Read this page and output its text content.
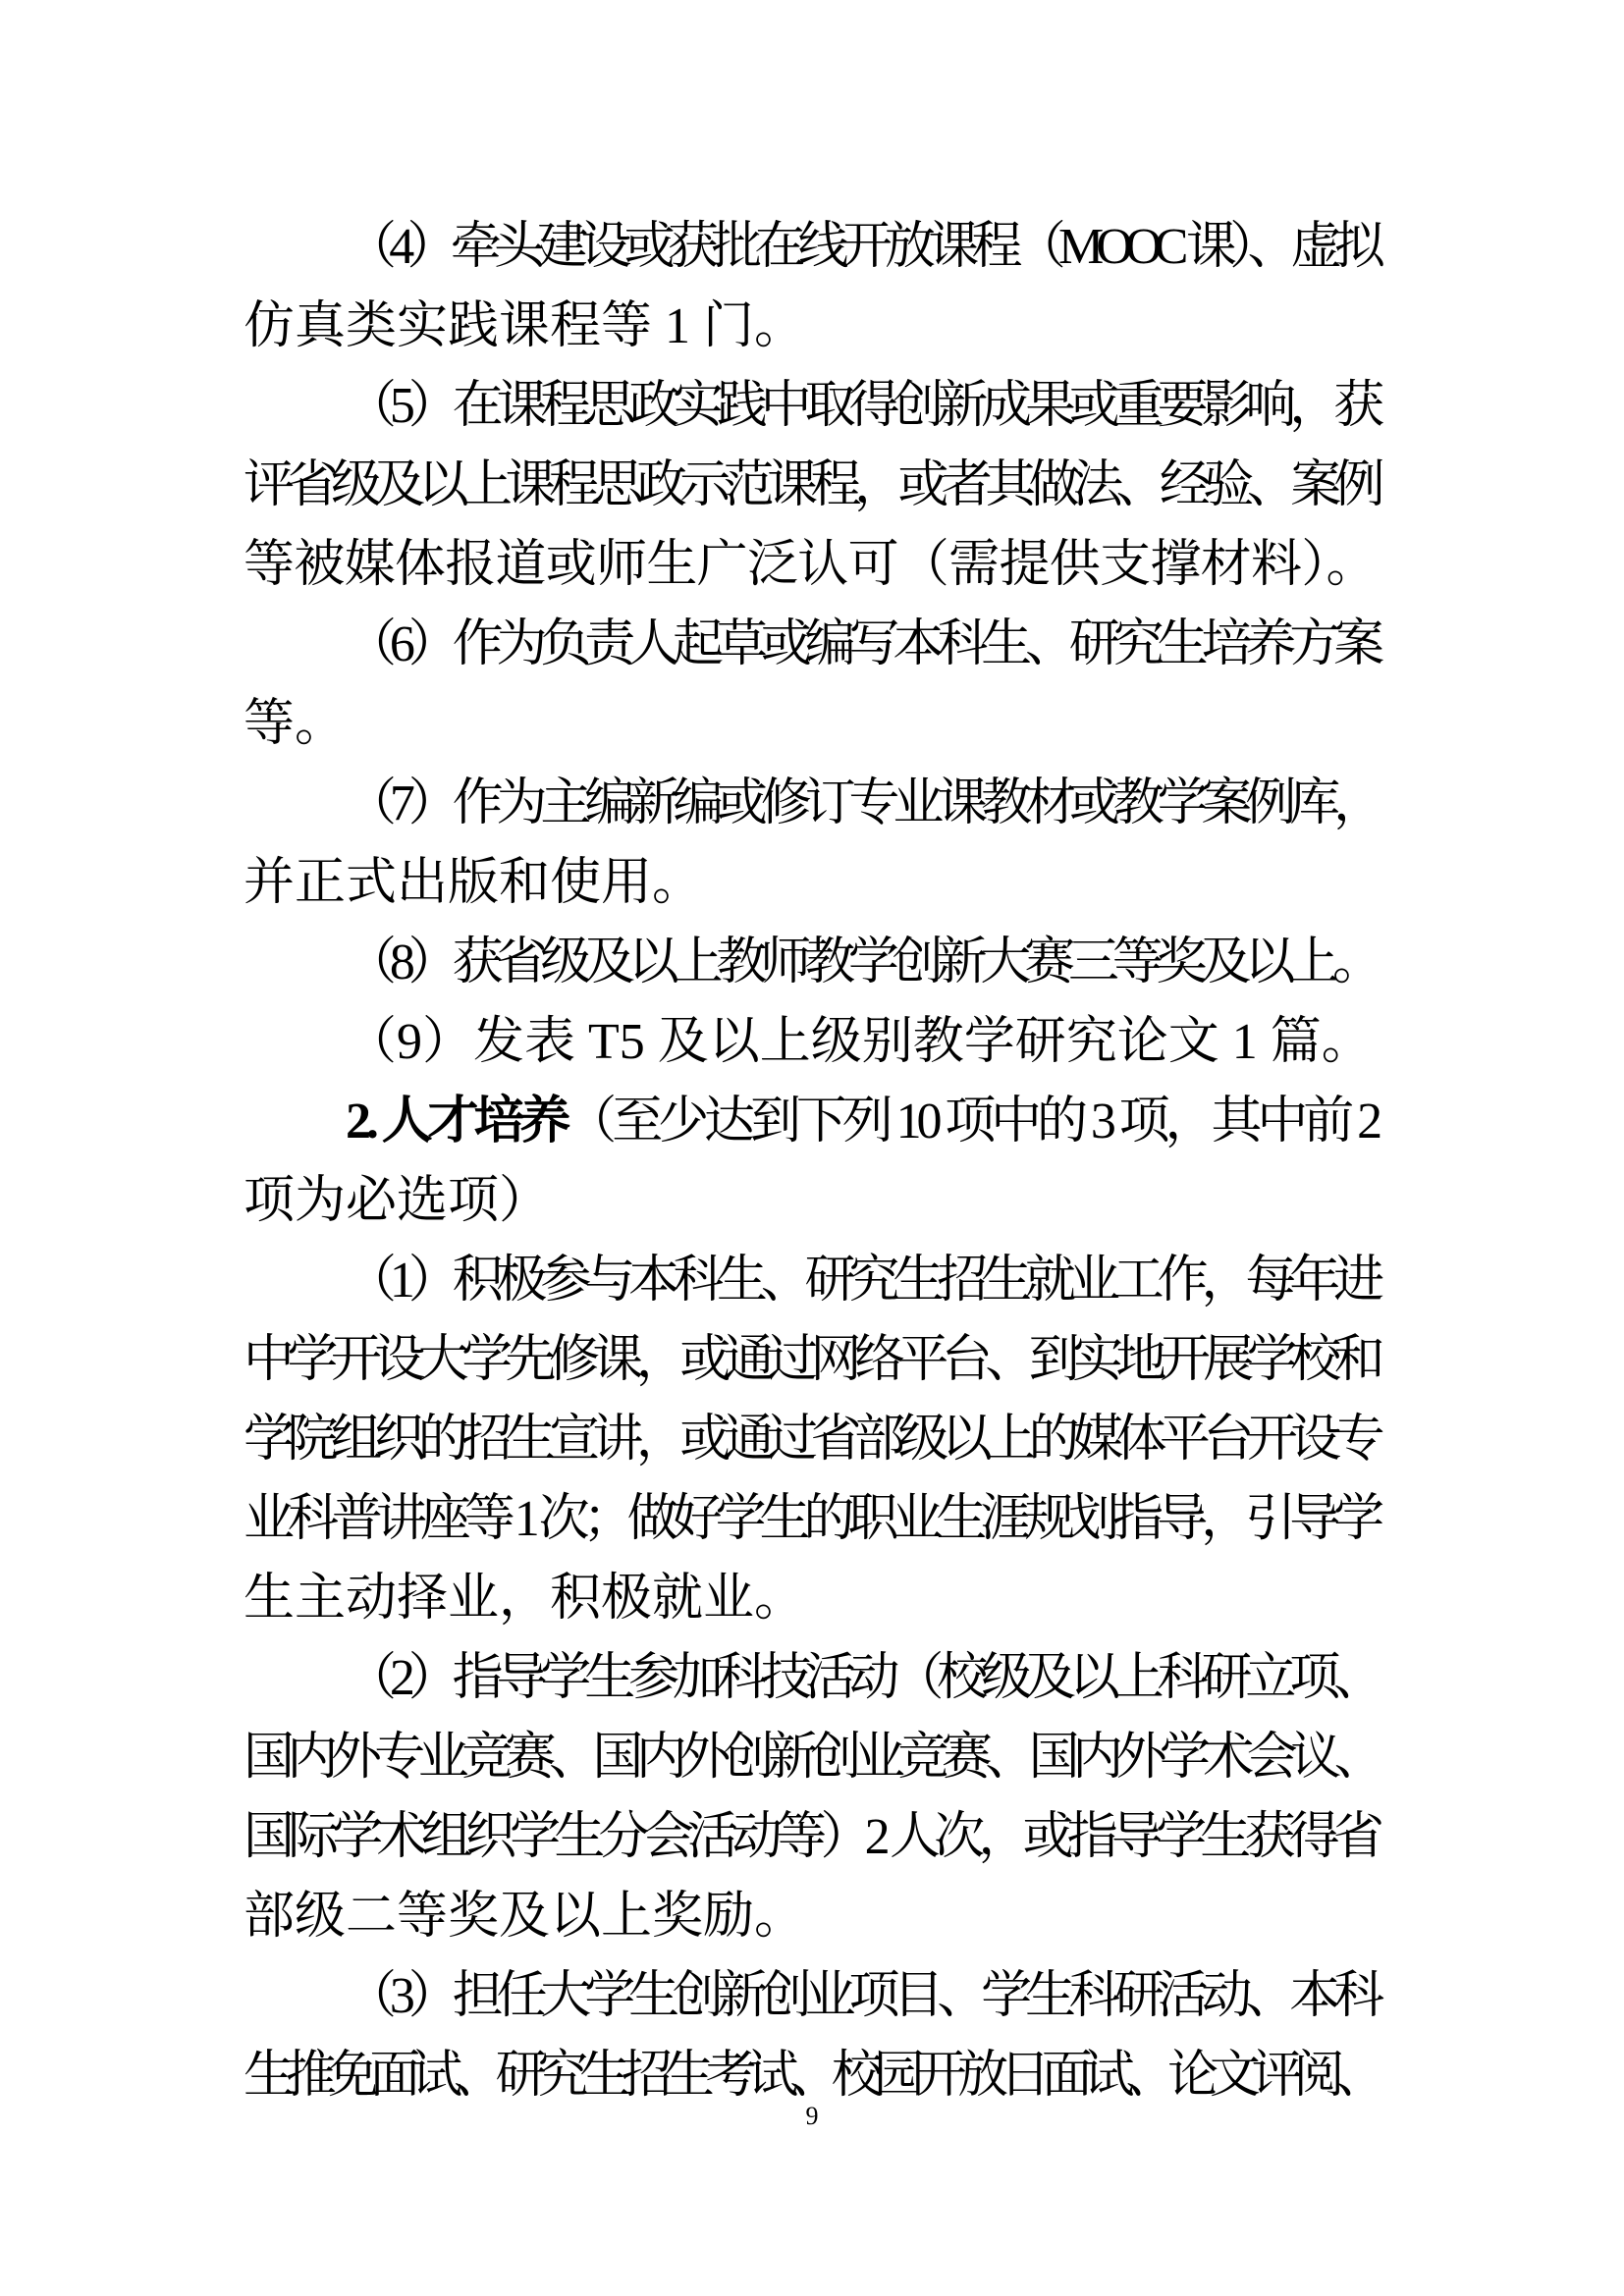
（4）牵头建设或获批在线开放课程（MOOC 课）、虚拟
仿真类实践课程等 1 门。
（5）在课程思政实践中取得创新成果或重要影响，获
评省级及以上课程思政示范课程，或者其做法、经验、案例
等被媒体报道或师生广泛认可（需提供支撑材料）。
（6）作为负责人起草或编写本科生、研究生培养方案
等。
（7）作为主编新编或修订专业课教材或教学案例库，
并正式出版和使用。
（8）获省级及以上教师教学创新大赛三等奖及以上。
（9）发表 T5 及以上级别教学研究论文 1 篇。
2. 人才培养（至少达到下列 10 项中的 3 项，其中前 2
项为必选项）
（1）积极参与本科生、研究生招生就业工作，每年进
中学开设大学先修课，或通过网络平台、到实地开展学校和
学院组织的招生宣讲，或通过省部级以上的媒体平台开设专
业科普讲座等 1 次；做好学生的职业生涯规划指导，引导学
生主动择业，积极就业。
（2）指导学生参加科技活动（校级及以上科研立项、
国内外专业竞赛、国内外创新创业竞赛、国内外学术会议、
国际学术组织学生分会活动等）2 人次，或指导学生获得省
部级二等奖及以上奖励。
（3）担任大学生创新创业项目、学生科研活动、本科
生推免面试、研究生招生考试、校园开放日面试、论文评阅、
9
